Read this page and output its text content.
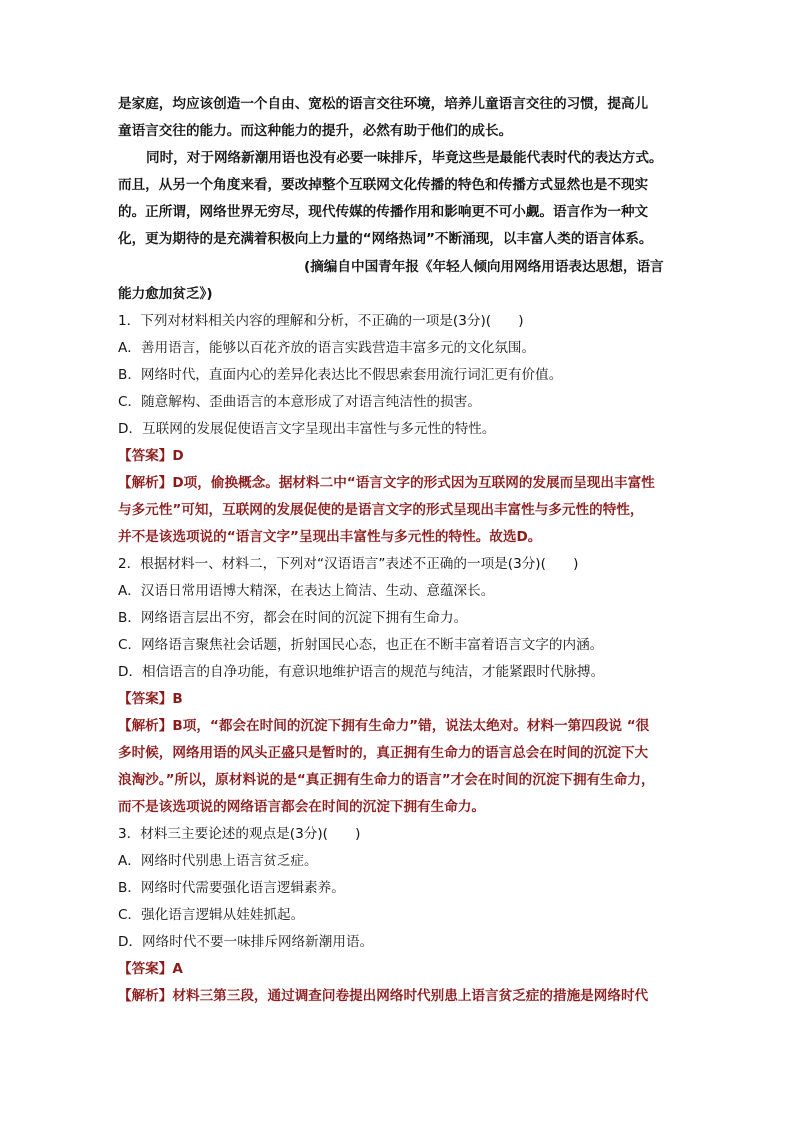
是家庭，均应该创造一个自由、宽松的语言交往环境，培养儿童语言交往的习惯，提高儿
童语言交往的能力。而这种能力的提升，必然有助于他们的成长。
同时，对于网络新潮用语也没有必要一味排斥，毕竟这些是最能代表时代的表达方式。
而且，从另一个角度来看，要改掉整个互联网文化传播的特色和传播方式显然也是不现实
的。正所谓，网络世界无穷尽，现代传媒的传播作用和影响更不可小觑。语言作为一种文
化，更为期待的是充满着积极向上力量的“网络热词”不断涌现，以丰富人类的语言体系。
(摘编自中国青年报《年轻人倾向用网络用语表达思想，语言
能力愈加贫乏》)
1．下列对材料相关内容的理解和分析，不正确的一项是(3分)(　　)
A．善用语言，能够以百花齐放的语言实践营造丰富多元的文化氛围。
B．网络时代，直面内心的差异化表达比不假思索套用流行词汇更有价值。
C．随意解构、歪曲语言的本意形成了对语言纯洁性的损害。
D．互联网的发展促使语言文字呈现出丰富性与多元性的特性。
【答案】D
【解析】D项，偷换概念。据材料二中“语言文字的形式因为互联网的发展而呈现出丰富性
与多元性”可知，互联网的发展促使的是语言文字的形式呈现出丰富性与多元性的特性，
并不是该选项说的“语言文字”呈现出丰富性与多元性的特性。故选D。
2．根据材料一、材料二，下列对“汉语语言”表述不正确的一项是(3分)(　　)
A．汉语日常用语博大精深，在表达上简洁、生动、意蕴深长。
B．网络语言层出不穷，都会在时间的沉淀下拥有生命力。
C．网络语言聚焦社会话题，折射国民心态，也正在不断丰富着语言文字的内涵。
D．相信语言的自净功能，有意识地维护语言的规范与纯洁，才能紧跟时代脉搏。
【答案】B
【解析】B项，“都会在时间的沉淀下拥有生命力”错，说法太绝对。材料一第四段说 “很
多时候，网络用语的风头正盛只是暂时的，真正拥有生命力的语言总会在时间的沉淀下大
浪淘沙。”所以，原材料说的是“真正拥有生命力的语言”才会在时间的沉淀下拥有生命力，
而不是该选项说的网络语言都会在时间的沉淀下拥有生命力。
3．材料三主要论述的观点是(3分)(　　)
A．网络时代别患上语言贫乏症。
B．网络时代需要强化语言逻辑素养。
C．强化语言逻辑从娃娃抓起。
D．网络时代不要一味排斥网络新潮用语。
【答案】A
【解析】材料三第三段，通过调查问卷提出网络时代别患上语言贫乏症的措施是网络时代
